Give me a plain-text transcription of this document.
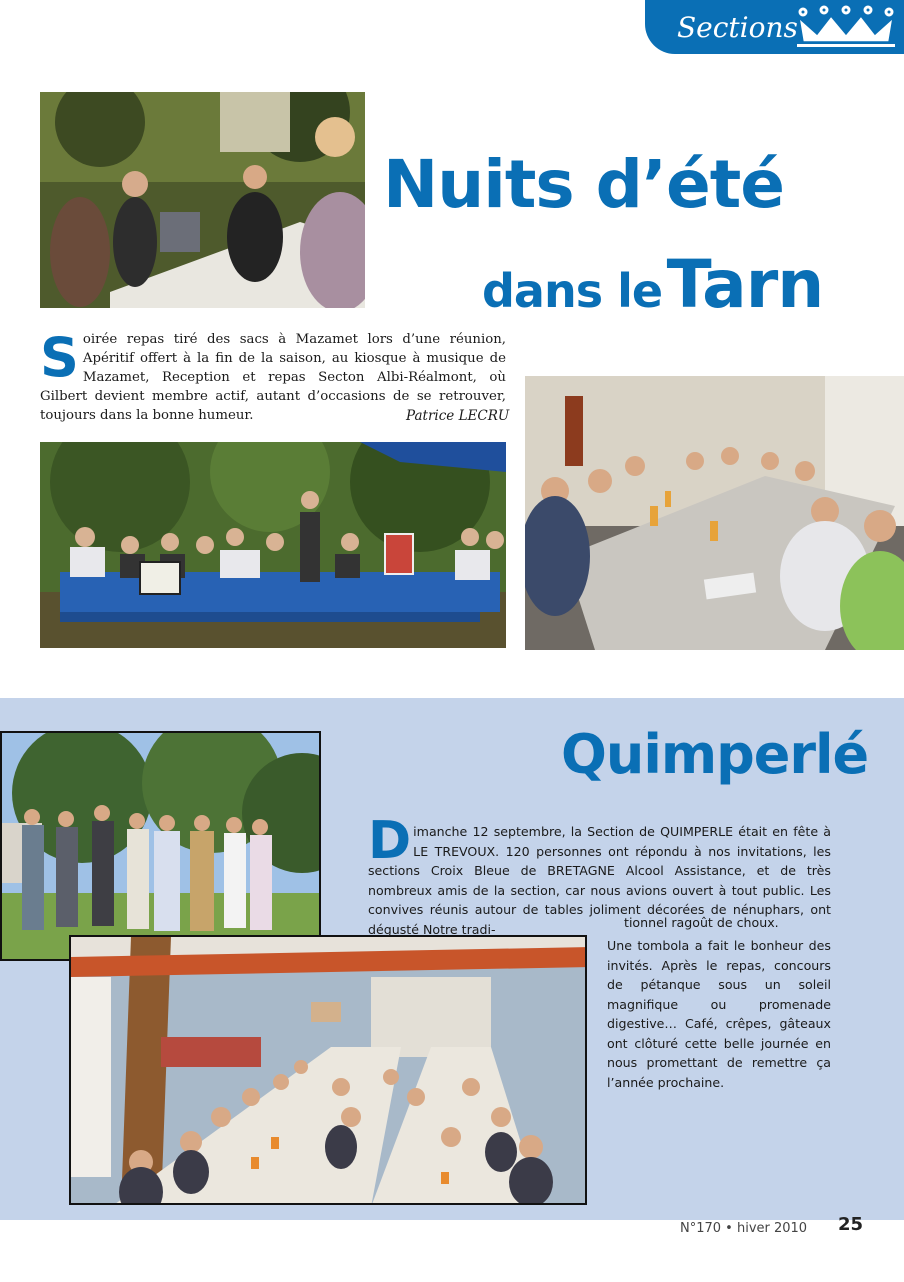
Sections
Nuits d’été
dans le Tarn
S oirée repas tiré des sacs à Mazamet lors d’une réunion, Apéritif offert à la fin de la saison, au kiosque à musique de Mazamet, Reception et repas Secton Albi-Réalmont, où Gilbert devient membre actif, autant d’occasions de se retrouver, toujours dans la bonne humeur.	Patrice LECRU
Quimperlé
D imanche 12 septembre, la Section de QUIMPERLE était en fête à LE TREVOUX. 120 personnes ont répondu à nos invitations, les sections Croix Bleue de BRETAGNE Alcool Assistance, et de très nombreux amis de la section, car nous avions ouvert à tout public. Les convives réunis autour de tables joliment décorées de nénuphars, ont dégusté Notre tradi-	tionnel ragoût de choux.
Une tombola a fait le bonheur des invités. Après le repas, concours de pétanque sous un soleil magnifique ou promenade digestive… Café, crêpes, gâteaux ont clôturé cette belle journée en nous promettant de remettre ça l’année prochaine.
N°170 • hiver 2010 25
